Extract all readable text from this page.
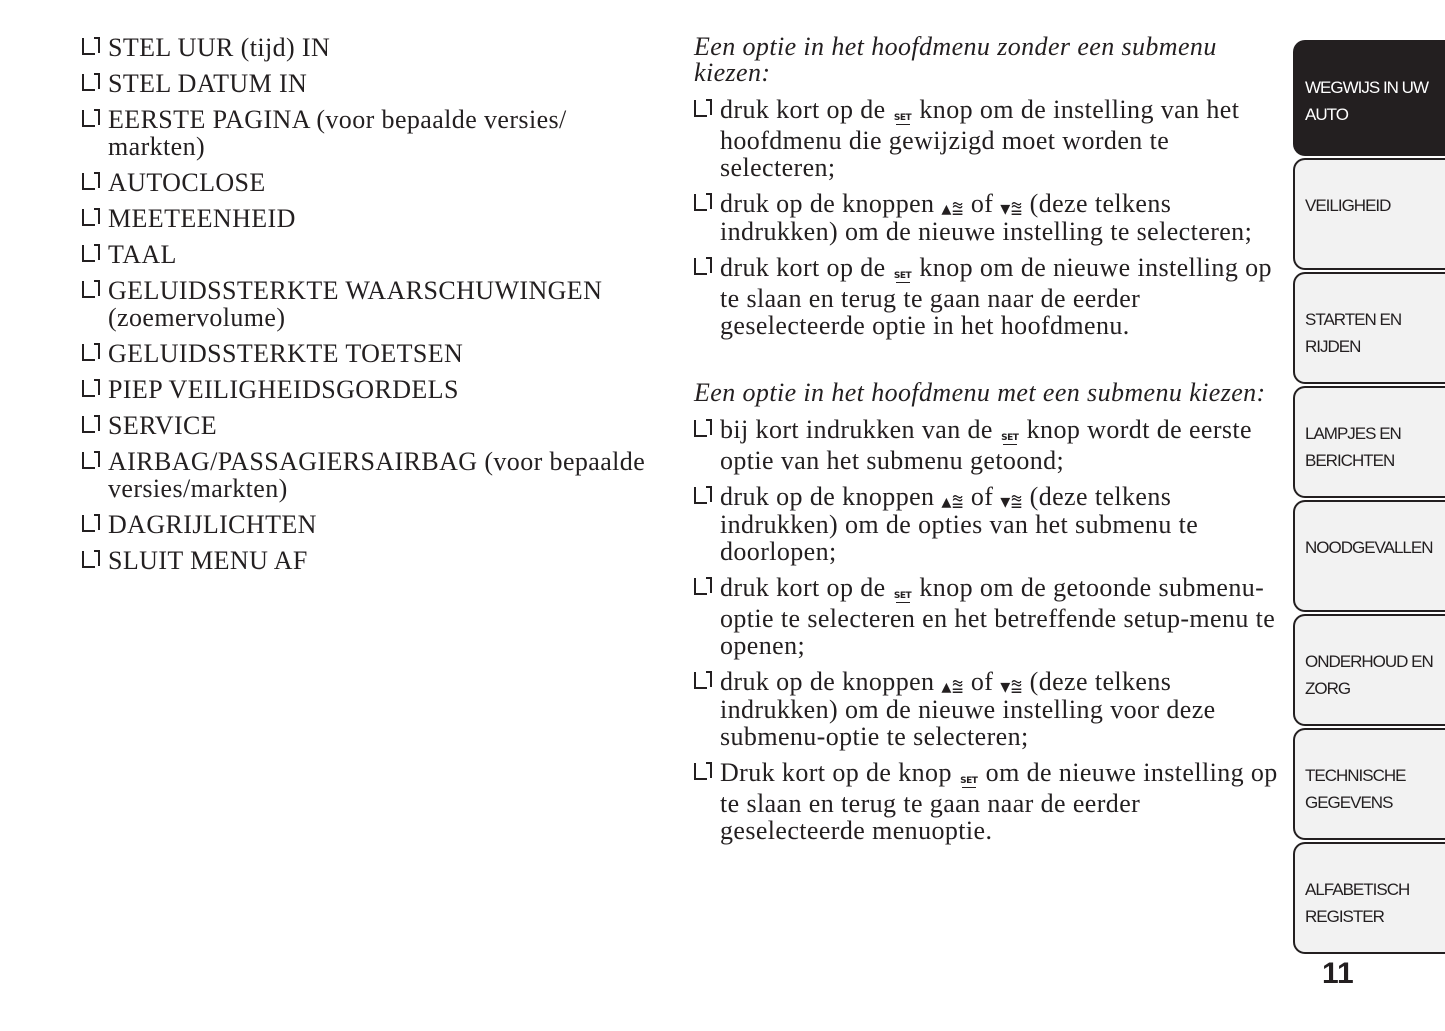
STEL UUR (tijd) IN
STEL DATUM IN
EERSTE PAGINA (voor bepaalde versies/ markten)
AUTOCLOSE
MEETEENHEID
TAAL
GELUIDSSTERKTE WAARSCHUWINGEN (zoemervolume)
GELUIDSSTERKTE TOETSEN
PIEP VEILIGHEIDSGORDELS
SERVICE
AIRBAG/PASSAGIERSAIRBAG (voor bepaalde versies/markten)
DAGRIJLICHTEN
SLUIT MENU AF

Een optie in het hoofdmenu zonder een submenu kiezen:

druk kort op de SET knop om de instelling van het hoofdmenu die gewijzigd moet worden te selecteren;
druk op de knoppen ▴⩰ of ▾⩰ (deze telkens indrukken) om de nieuwe instelling te selecteren;
druk kort op de SET knop om de nieuwe instelling op te slaan en terug te gaan naar de eerder geselecteerde optie in het hoofdmenu.

Een optie in het hoofdmenu met een submenu kiezen:

bij kort indrukken van de SET knop wordt de eerste optie van het submenu getoond;
druk op de knoppen ▴⩰ of ▾⩰ (deze telkens indrukken) om de opties van het submenu te doorlopen;
druk kort op de SET knop om de getoonde submenu-optie te selecteren en het betreffende setup-menu te openen;
druk op de knoppen ▴⩰ of ▾⩰ (deze telkens indrukken) om de nieuwe instelling voor deze submenu-optie te selecteren;
Druk kort op de knop SET om de nieuwe instelling op te slaan en terug te gaan naar de eerder geselecteerde menuoptie.
WEGWIJS IN UW AUTO
VEILIGHEID
STARTEN EN RIJDEN
LAMPJES EN BERICHTEN
NOODGEVALLEN
ONDERHOUD EN ZORG
TECHNISCHE GEGEVENS
ALFABETISCH REGISTER
11
